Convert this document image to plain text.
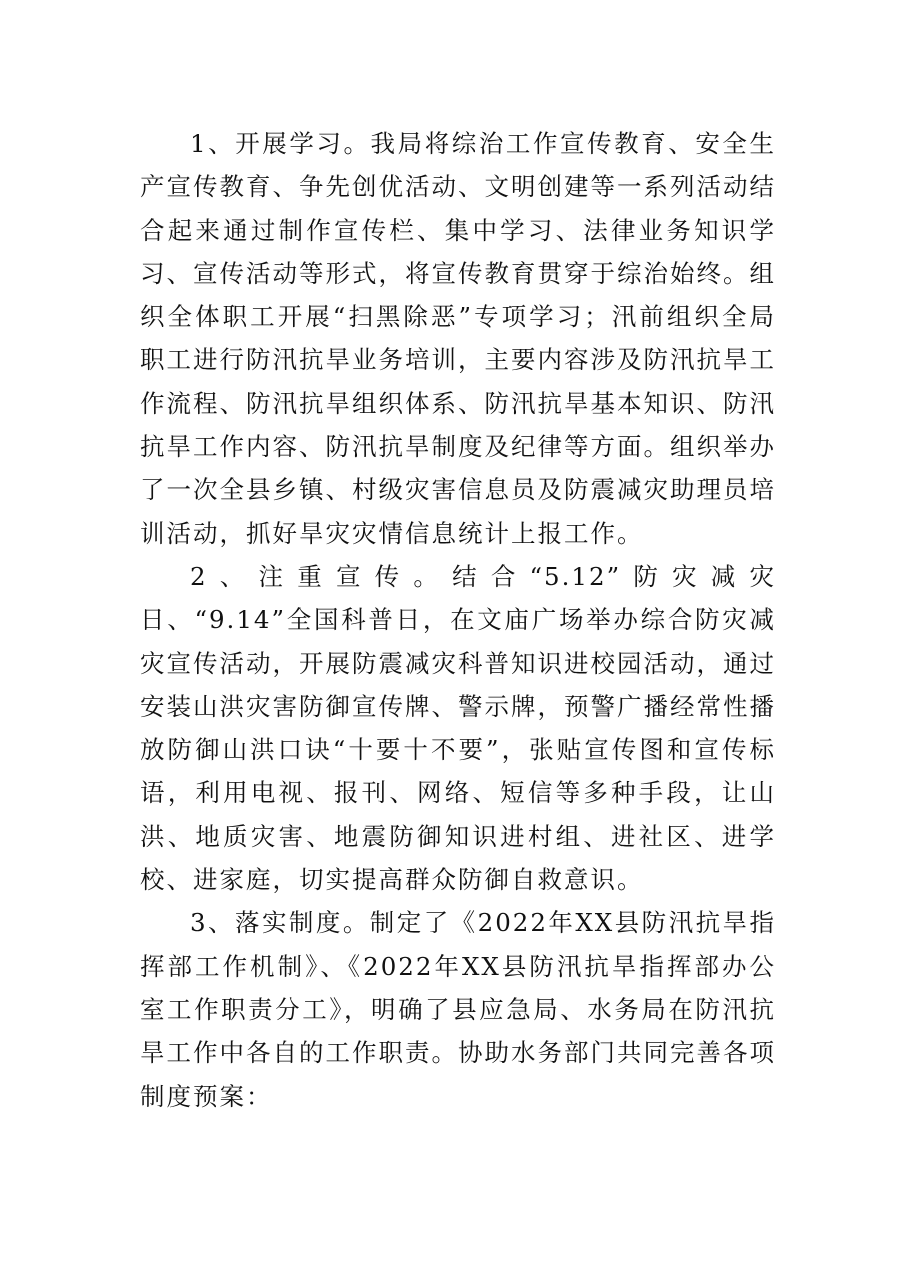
1、开展学习。我局将综治工作宣传教育、安全生产宣传教育、争先创优活动、文明创建等一系列活动结合起来通过制作宣传栏、集中学习、法律业务知识学习、宣传活动等形式，将宣传教育贯穿于综治始终。组织全体职工开展“扫黑除恶”专项学习；汛前组织全局职工进行防汛抗旱业务培训，主要内容涉及防汛抗旱工作流程、防汛抗旱组织体系、防汛抗旱基本知识、防汛抗旱工作内容、防汛抗旱制度及纪律等方面。组织举办了一次全县乡镇、村级灾害信息员及防震减灾助理员培训活动，抓好旱灾灾情信息统计上报工作。

2、注重宣传。结合“5.12”防灾减灾日、“9.14”全国科普日，在文庙广场举办综合防灾减灾宣传活动，开展防震减灾科普知识进校园活动，通过安装山洪灾害防御宣传牌、警示牌，预警广播经常性播放防御山洪口诀“十要十不要”，张贴宣传图和宣传标语，利用电视、报刊、网络、短信等多种手段，让山洪、地质灾害、地震防御知识进村组、进社区、进学校、进家庭，切实提高群众防御自救意识。

3、落实制度。制定了《2022年XX县防汛抗旱指挥部工作机制》、《2022年XX县防汛抗旱指挥部办公室工作职责分工》，明确了县应急局、水务局在防汛抗旱工作中各自的工作职责。协助水务部门共同完善各项制度预案：
